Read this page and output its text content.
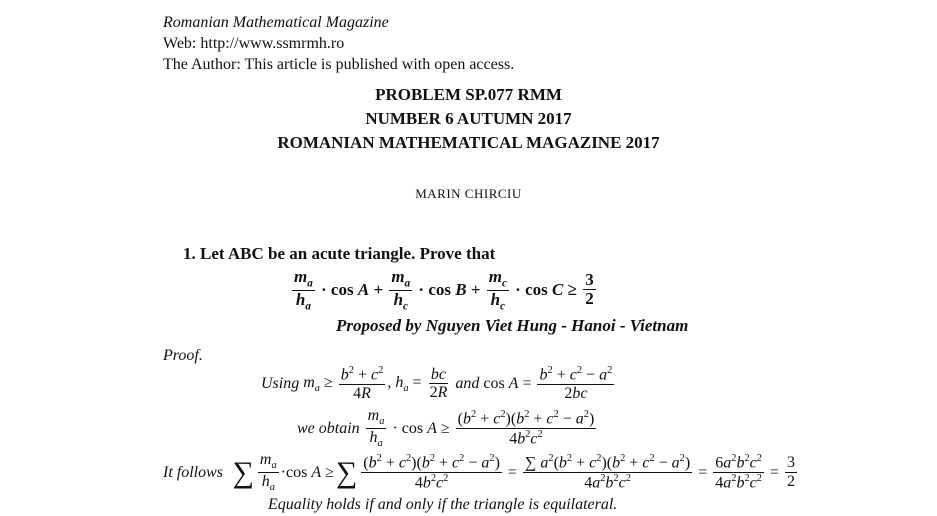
Romanian Mathematical Magazine
Web: http://www.ssmrmh.ro
The Author: This article is published with open access.
PROBLEM SP.077 RMM
NUMBER 6 AUTUMN 2017
ROMANIAN MATHEMATICAL MAGAZINE 2017
MARIN CHIRCIU
1. Let ABC be an acute triangle. Prove that
$\frac{m_a}{h_a} \cdot \cos A + \frac{m_a}{h_c} \cdot \cos B + \frac{m_c}{h_c} \cdot \cos C \ge \frac{3}{2}$
Proposed by Nguyen Viet Hung - Hanoi - Vietnam
Proof.
Using $m_a \ge \frac{b^2 + c^2}{4R}$ , $h_a = \frac{bc}{2R}$
and $\cos A = \frac{b^2 + c^2 - a^2}{2bc}$
we obtain
$\frac{m_a}{h_a} \cdot \cos A \ge \frac{(b^2 + c^2)(b^2 + c^2 - a^2)}{4b^2c^2}$
It follows ∑ $\frac{m_a}{h_a} \cdot\cos$ A ≥ ∑ $\frac{(b^2 + c^2)(b^2 + c^2 - a^2)}{4b^2c^2} = \frac{\sum a^2(b^2 + c^2)(b^2 + c^2 - a^2)}{4a^2b^2c^2} = \frac{6a^2b^2c^2}{4a^2b^2c^2} = \frac{3}{2}$
Equality holds if and only if the triangle is equilateral.
